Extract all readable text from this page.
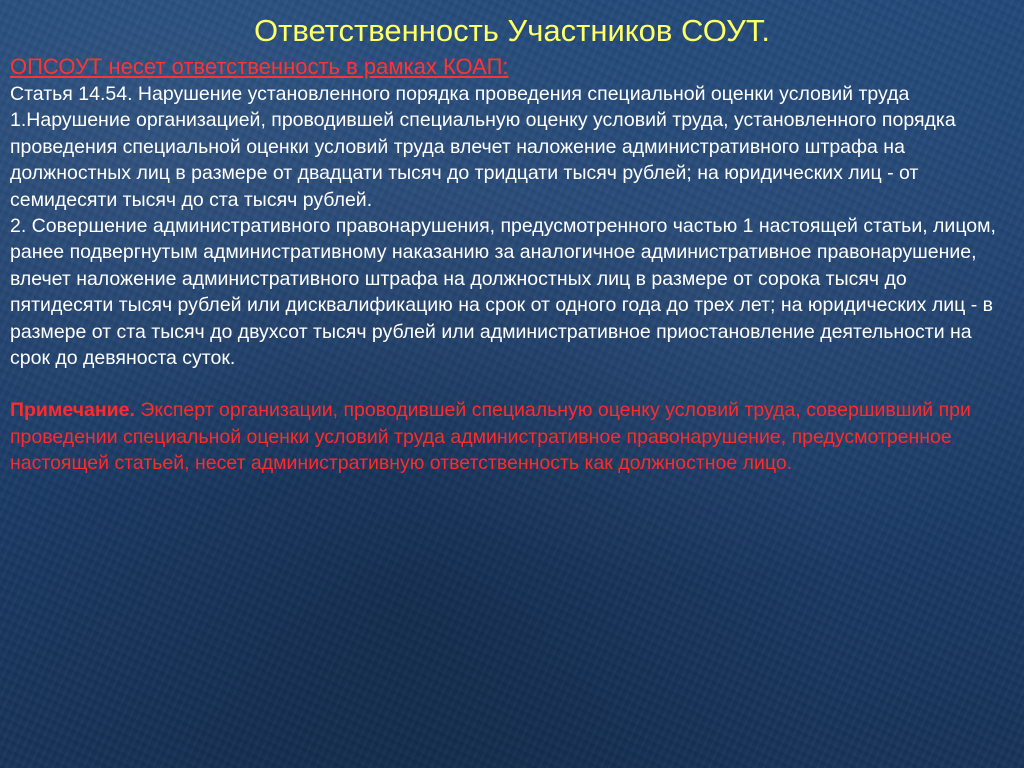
Ответственность Участников СОУТ.

ОПСОУТ несет ответственность в рамках КОАП:

Статья 14.54. Нарушение установленного порядка проведения специальной оценки условий труда

1.Нарушение организацией, проводившей специальную оценку условий труда, установленного порядка проведения специальной оценки условий труда влечет наложение административного штрафа на должностных лиц в размере от двадцати тысяч до тридцати тысяч рублей; на юридических лиц - от семидесяти тысяч до ста тысяч рублей.

2. Совершение административного правонарушения, предусмотренного частью 1 настоящей статьи, лицом, ранее подвергнутым административному наказанию за аналогичное административное правонарушение, влечет наложение административного штрафа на должностных лиц в размере от сорока тысяч до пятидесяти тысяч рублей или дисквалификацию на срок от одного года до трех лет; на юридических лиц - в размере от ста тысяч до двухсот тысяч рублей или административное приостановление деятельности на срок до девяноста суток.

Примечание. Эксперт организации, проводившей специальную оценку условий труда, совершивший при проведении специальной оценки условий труда административное правонарушение, предусмотренное настоящей статьей, несет административную ответственность как должностное лицо.
